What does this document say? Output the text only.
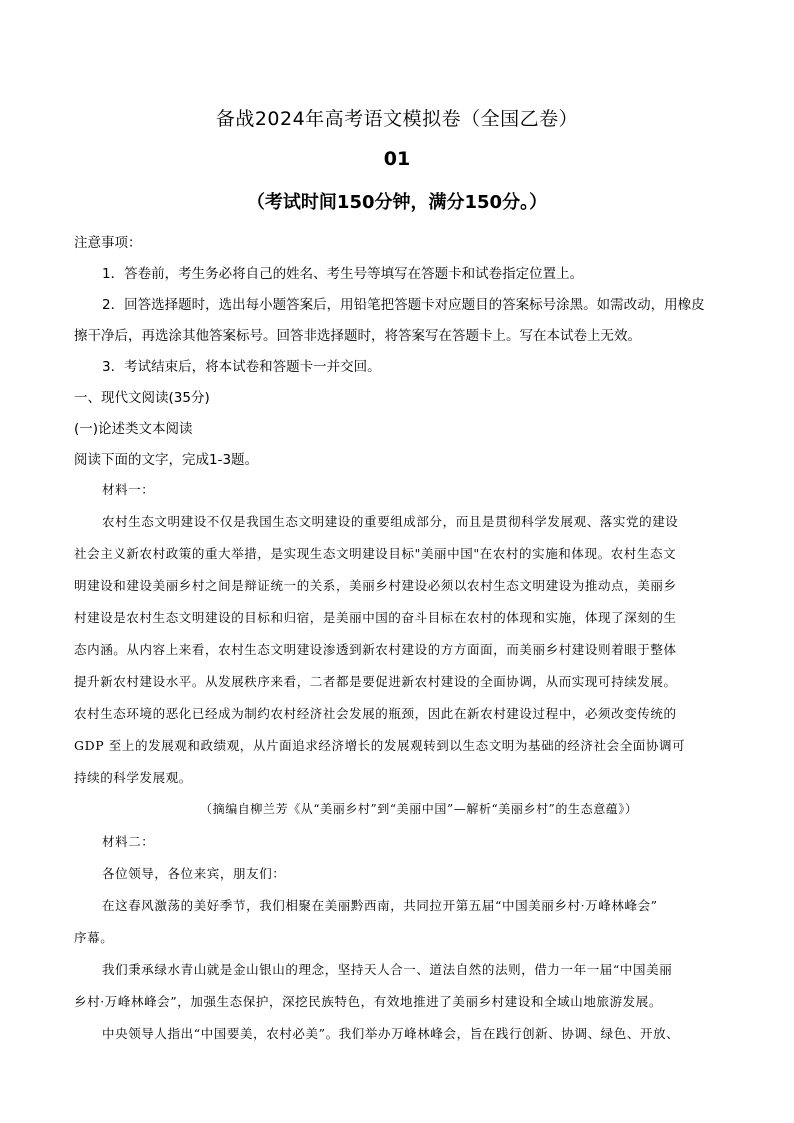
备战2024年高考语文模拟卷（全国乙卷）
01
（考试时间150分钟，满分150分。）
注意事项：
1．答卷前，考生务必将自己的姓名、考生号等填写在答题卡和试卷指定位置上。
2．回答选择题时，选出每小题答案后，用铅笔把答题卡对应题目的答案标号涂黑。如需改动，用橡皮
擦干净后，再选涂其他答案标号。回答非选择题时，将答案写在答题卡上。写在本试卷上无效。
3．考试结束后，将本试卷和答题卡一并交回。
一、现代文阅读(35分)
(一)论述类文本阅读
阅读下面的文字，完成1-3题。
材料一：
农村生态文明建设不仅是我国生态文明建设的重要组成部分，而且是贯彻科学发展观、落实党的建设
社会主义新农村政策的重大举措，是实现生态文明建设目标"美丽中国"在农村的实施和体现。农村生态文
明建设和建设美丽乡村之间是辩证统一的关系，美丽乡村建设必须以农村生态文明建设为推动点，美丽乡
村建设是农村生态文明建设的目标和归宿，是美丽中国的奋斗目标在农村的体现和实施，体现了深刻的生
态内涵。从内容上来看，农村生态文明建设渗透到新农村建设的方方面面，而美丽乡村建设则着眼于整体
提升新农村建设水平。从发展秩序来看，二者都是要促进新农村建设的全面协调，从而实现可持续发展。
农村生态环境的恶化已经成为制约农村经济社会发展的瓶颈，因此在新农村建设过程中，必须改变传统的
GDP 至上的发展观和政绩观，从片面追求经济增长的发展观转到以生态文明为基础的经济社会全面协调可
持续的科学发展观。
（摘编自柳兰芳《从“美丽乡村”到“美丽中国”—解析“美丽乡村”的生态意蕴》）
材料二：
各位领导，各位来宾，朋友们：
在这春风激荡的美好季节，我们相聚在美丽黔西南，共同拉开第五届“中国美丽乡村·万峰林峰会”
序幕。
我们秉承绿水青山就是金山银山的理念，坚持天人合一、道法自然的法则，借力一年一届“中国美丽
乡村·万峰林峰会”，加强生态保护，深挖民族特色，有效地推进了美丽乡村建设和全域山地旅游发展。
中央领导人指出“中国要美，农村必美”。我们举办万峰林峰会，旨在践行创新、协调、绿色、开放、
